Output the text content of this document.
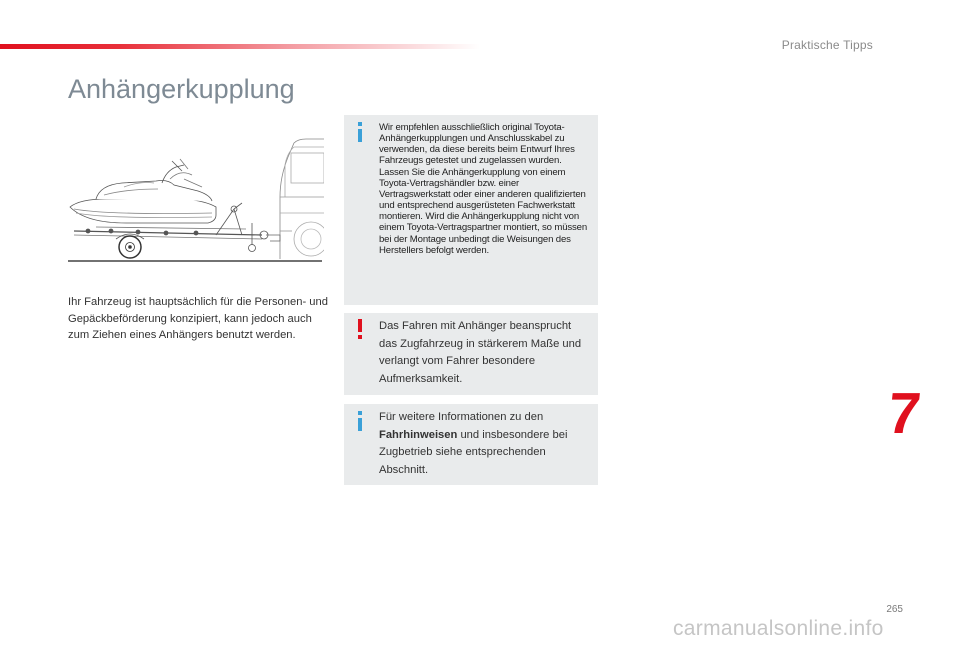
Praktische Tipps
Anhängerkupplung
Ihr Fahrzeug ist hauptsächlich für die Personen- und Gepäckbeförderung konzipiert, kann jedoch auch zum Ziehen eines Anhängers benutzt werden.
Wir empfehlen ausschließlich original Toyota-Anhängerkupplungen und Anschlusskabel zu verwenden, da diese bereits beim Entwurf Ihres Fahrzeugs getestet und zugelassen wurden. Lassen Sie die Anhängerkupplung von einem Toyota-Vertragshändler bzw. einer Vertragswerkstatt oder einer anderen qualifizierten und entsprechend ausgerüsteten Fachwerkstatt montieren. Wird die Anhängerkupplung nicht von einem Toyota-Vertragspartner montiert, so müssen bei der Montage unbedingt die Weisungen des Herstellers befolgt werden.
Das Fahren mit Anhänger beansprucht das Zugfahrzeug in stärkerem Maße und verlangt vom Fahrer besondere Aufmerksamkeit.
Für weitere Informationen zu den Fahrhinweisen und insbesondere bei Zugbetrieb siehe entsprechenden Abschnitt.
7
265
carmanualsonline.info
